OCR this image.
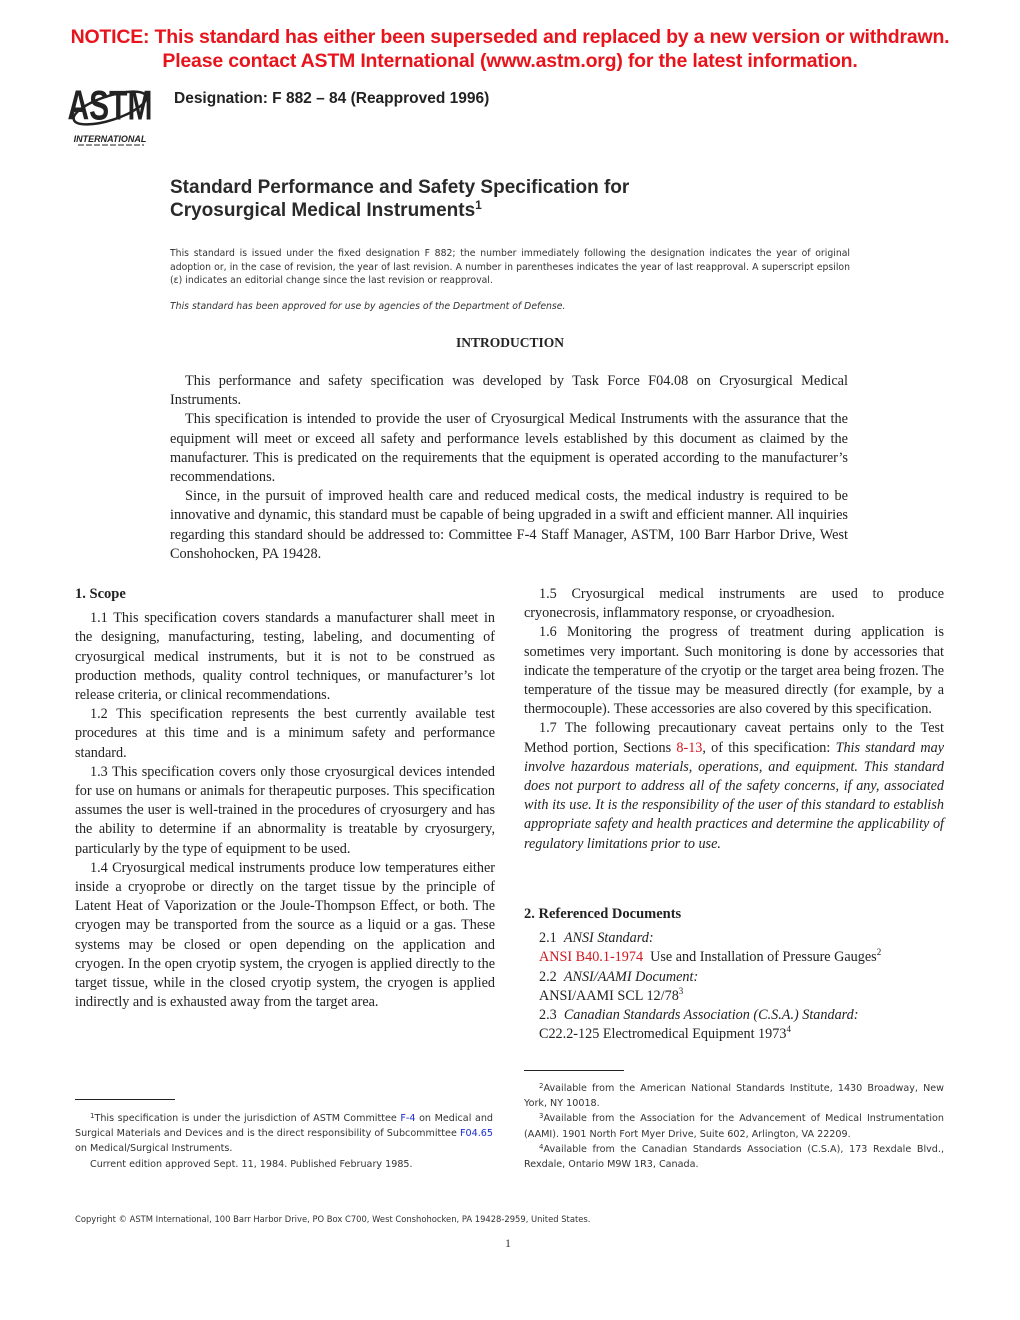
NOTICE: This standard has either been superseded and replaced by a new version or withdrawn.
Please contact ASTM International (www.astm.org) for the latest information.
ASTM
INTERNATIONAL
Designation: F 882 – 84 (Reapproved 1996)
Standard Performance and Safety Specification for
Cryosurgical Medical Instruments$^1$
This standard is issued under the fixed designation F 882; the number immediately following the designation indicates the year of original adoption or, in the case of revision, the year of last revision. A number in parentheses indicates the year of last reapproval. A superscript epsilon (ε) indicates an editorial change since the last revision or reapproval.
This standard has been approved for use by agencies of the Department of Defense.
INTRODUCTION

This performance and safety specification was developed by Task Force F04.08 on Cryosurgical Medical Instruments.

This specification is intended to provide the user of Cryosurgical Medical Instruments with the assurance that the equipment will meet or exceed all safety and performance levels established by this document as claimed by the manufacturer. This is predicated on the requirements that the equipment is operated according to the manufacturer’s recommendations.

Since, in the pursuit of improved health care and reduced medical costs, the medical industry is required to be innovative and dynamic, this standard must be capable of being upgraded in a swift and efficient manner. All inquiries regarding this standard should be addressed to: Committee F-4 Staff Manager, ASTM, 100 Barr Harbor Drive, West Conshohocken, PA 19428.

1. Scope

1.1 This specification covers standards a manufacturer shall meet in the designing, manufacturing, testing, labeling, and documenting of cryosurgical medical instruments, but it is not to be construed as production methods, quality control techniques, or manufacturer’s lot release criteria, or clinical recommendations.

1.2 This specification represents the best currently available test procedures at this time and is a minimum safety and performance standard.

1.3 This specification covers only those cryosurgical devices intended for use on humans or animals for therapeutic purposes. This specification assumes the user is well-trained in the procedures of cryosurgery and has the ability to determine if an abnormality is treatable by cryosurgery, particularly by the type of equipment to be used.

1.4 Cryosurgical medical instruments produce low temperatures either inside a cryoprobe or directly on the target tissue by the principle of Latent Heat of Vaporization or the Joule-Thompson Effect, or both. The cryogen may be transported from the source as a liquid or a gas. These systems may be closed or open depending on the application and cryogen. In the open cryotip system, the cryogen is applied directly to the target tissue, while in the closed cryotip system, the cryogen is applied indirectly and is exhausted away from the target area.

1.5 Cryosurgical medical instruments are used to produce cryonecrosis, inflammatory response, or cryoadhesion.

1.6 Monitoring the progress of treatment during application is sometimes very important. Such monitoring is done by accessories that indicate the temperature of the cryotip or the target area being frozen. The temperature of the tissue may be measured directly (for example, by a thermocouple). These accessories are also covered by this specification.

1.7 The following precautionary caveat pertains only to the Test Method portion, Sections 8-13, of this specification: This standard may involve hazardous materials, operations, and equipment. This standard does not purport to address all of the safety concerns, if any, associated with its use. It is the responsibility of the user of this standard to establish appropriate safety and health practices and determine the applicability of regulatory limitations prior to use.

2. Referenced Documents

2.1 ANSI Standard:
ANSI B40.1-1974 Use and Installation of Pressure Gauges$^2$
2.2 ANSI/AAMI Document:
ANSI/AAMI SCL 12/78$^3$
2.3 Canadian Standards Association (C.S.A.) Standard:
C22.2-125 Electromedical Equipment 1973$^4$

$^1$This specification is under the jurisdiction of ASTM Committee F-4 on Medical and Surgical Materials and Devices and is the direct responsibility of Subcommittee F04.65 on Medical/Surgical Instruments.

Current edition approved Sept. 11, 1984. Published February 1985.

$^2$Available from the American National Standards Institute, 1430 Broadway, New York, NY 10018.

$^3$Available from the Association for the Advancement of Medical Instrumentation (AAMI). 1901 North Fort Myer Drive, Suite 602, Arlington, VA 22209.

$^4$Available from the Canadian Standards Association (C.S.A), 173 Rexdale Blvd., Rexdale, Ontario M9W 1R3, Canada.

Copyright © ASTM International, 100 Barr Harbor Drive, PO Box C700, West Conshohocken, PA 19428-2959, United States.
1
